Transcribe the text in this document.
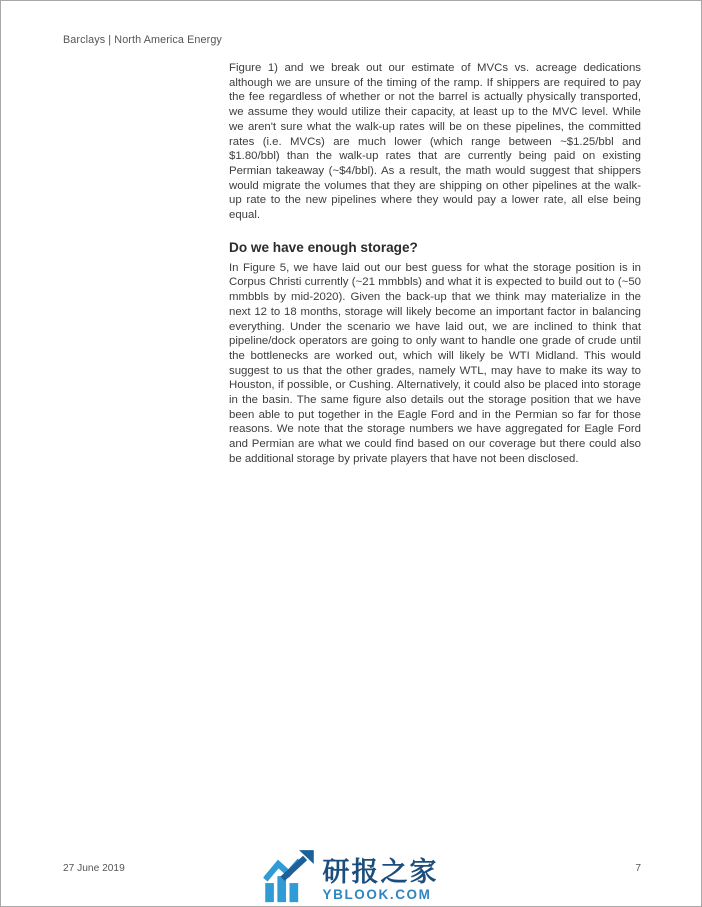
Barclays | North America Energy

Figure 1) and we break out our estimate of MVCs vs. acreage dedications although we are unsure of the timing of the ramp. If shippers are required to pay the fee regardless of whether or not the barrel is actually physically transported, we assume they would utilize their capacity, at least up to the MVC level. While we aren't sure what the walk-up rates will be on these pipelines, the committed rates (i.e. MVCs) are much lower (which range between ~$1.25/bbl and $1.80/bbl) than the walk-up rates that are currently being paid on existing Permian takeaway (~$4/bbl). As a result, the math would suggest that shippers would migrate the volumes that they are shipping on other pipelines at the walk-up rate to the new pipelines where they would pay a lower rate, all else being equal.

Do we have enough storage?

In Figure 5, we have laid out our best guess for what the storage position is in Corpus Christi currently (~21 mmbbls) and what it is expected to build out to (~50 mmbbls by mid-2020). Given the back-up that we think may materialize in the next 12 to 18 months, storage will likely become an important factor in balancing everything. Under the scenario we have laid out, we are inclined to think that pipeline/dock operators are going to only want to handle one grade of crude until the bottlenecks are worked out, which will likely be WTI Midland. This would suggest to us that the other grades, namely WTL, may have to make its way to Houston, if possible, or Cushing. Alternatively, it could also be placed into storage in the basin. The same figure also details out the storage position that we have been able to put together in the Eagle Ford and in the Permian so far for those reasons. We note that the storage numbers we have aggregated for Eagle Ford and Permian are what we could find based on our coverage but there could also be additional storage by private players that have not been disclosed.

27 June 2019	7
研报之家
YBLOOK.COM
